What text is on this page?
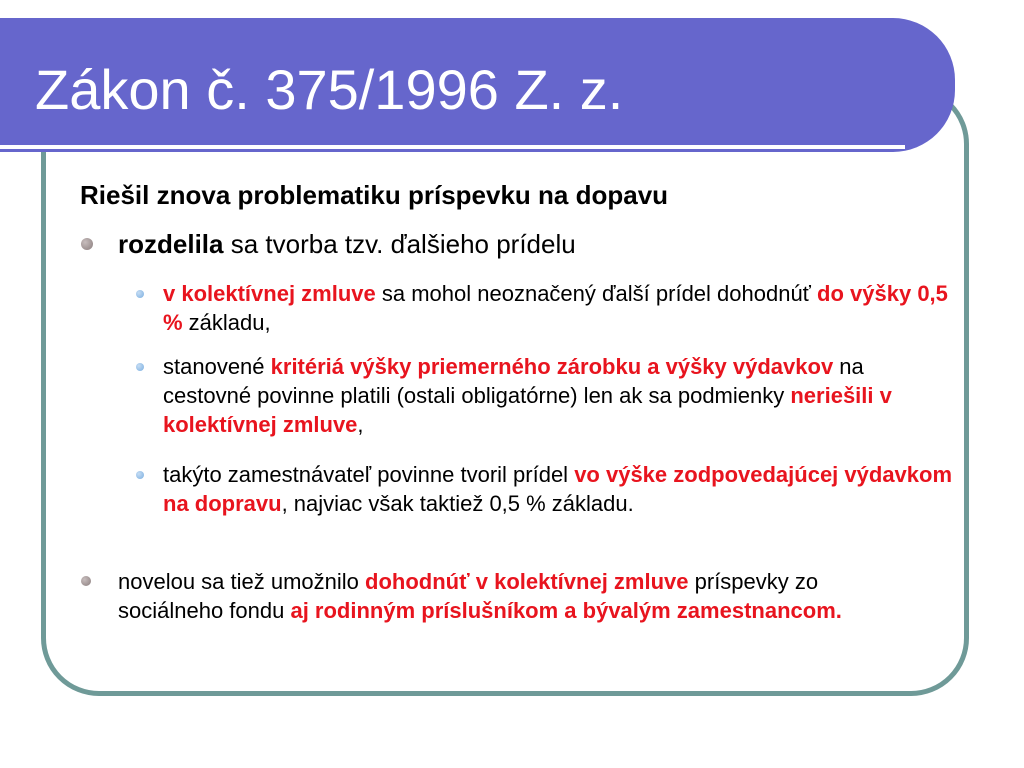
Zákon č. 375/1996 Z. z.
Riešil znova problematiku príspevku na dopavu
rozdelila sa tvorba tzv. ďalšieho prídelu
v kolektívnej zmluve sa mohol neoznačený ďalší prídel dohodnúť do výšky 0,5 % základu,
stanovené kritériá výšky priemerného zárobku a výšky výdavkov na cestovné povinne platili (ostali obligatórne) len ak sa podmienky neriešili v kolektívnej zmluve,
takýto zamestnávateľ povinne tvoril prídel vo výške zodpovedajúcej výdavkom na dopravu, najviac však taktiež 0,5 % základu.
novelou sa tiež umožnilo dohodnúť v kolektívnej zmluve príspevky zo sociálneho fondu aj rodinným príslušníkom a bývalým zamestnancom.
